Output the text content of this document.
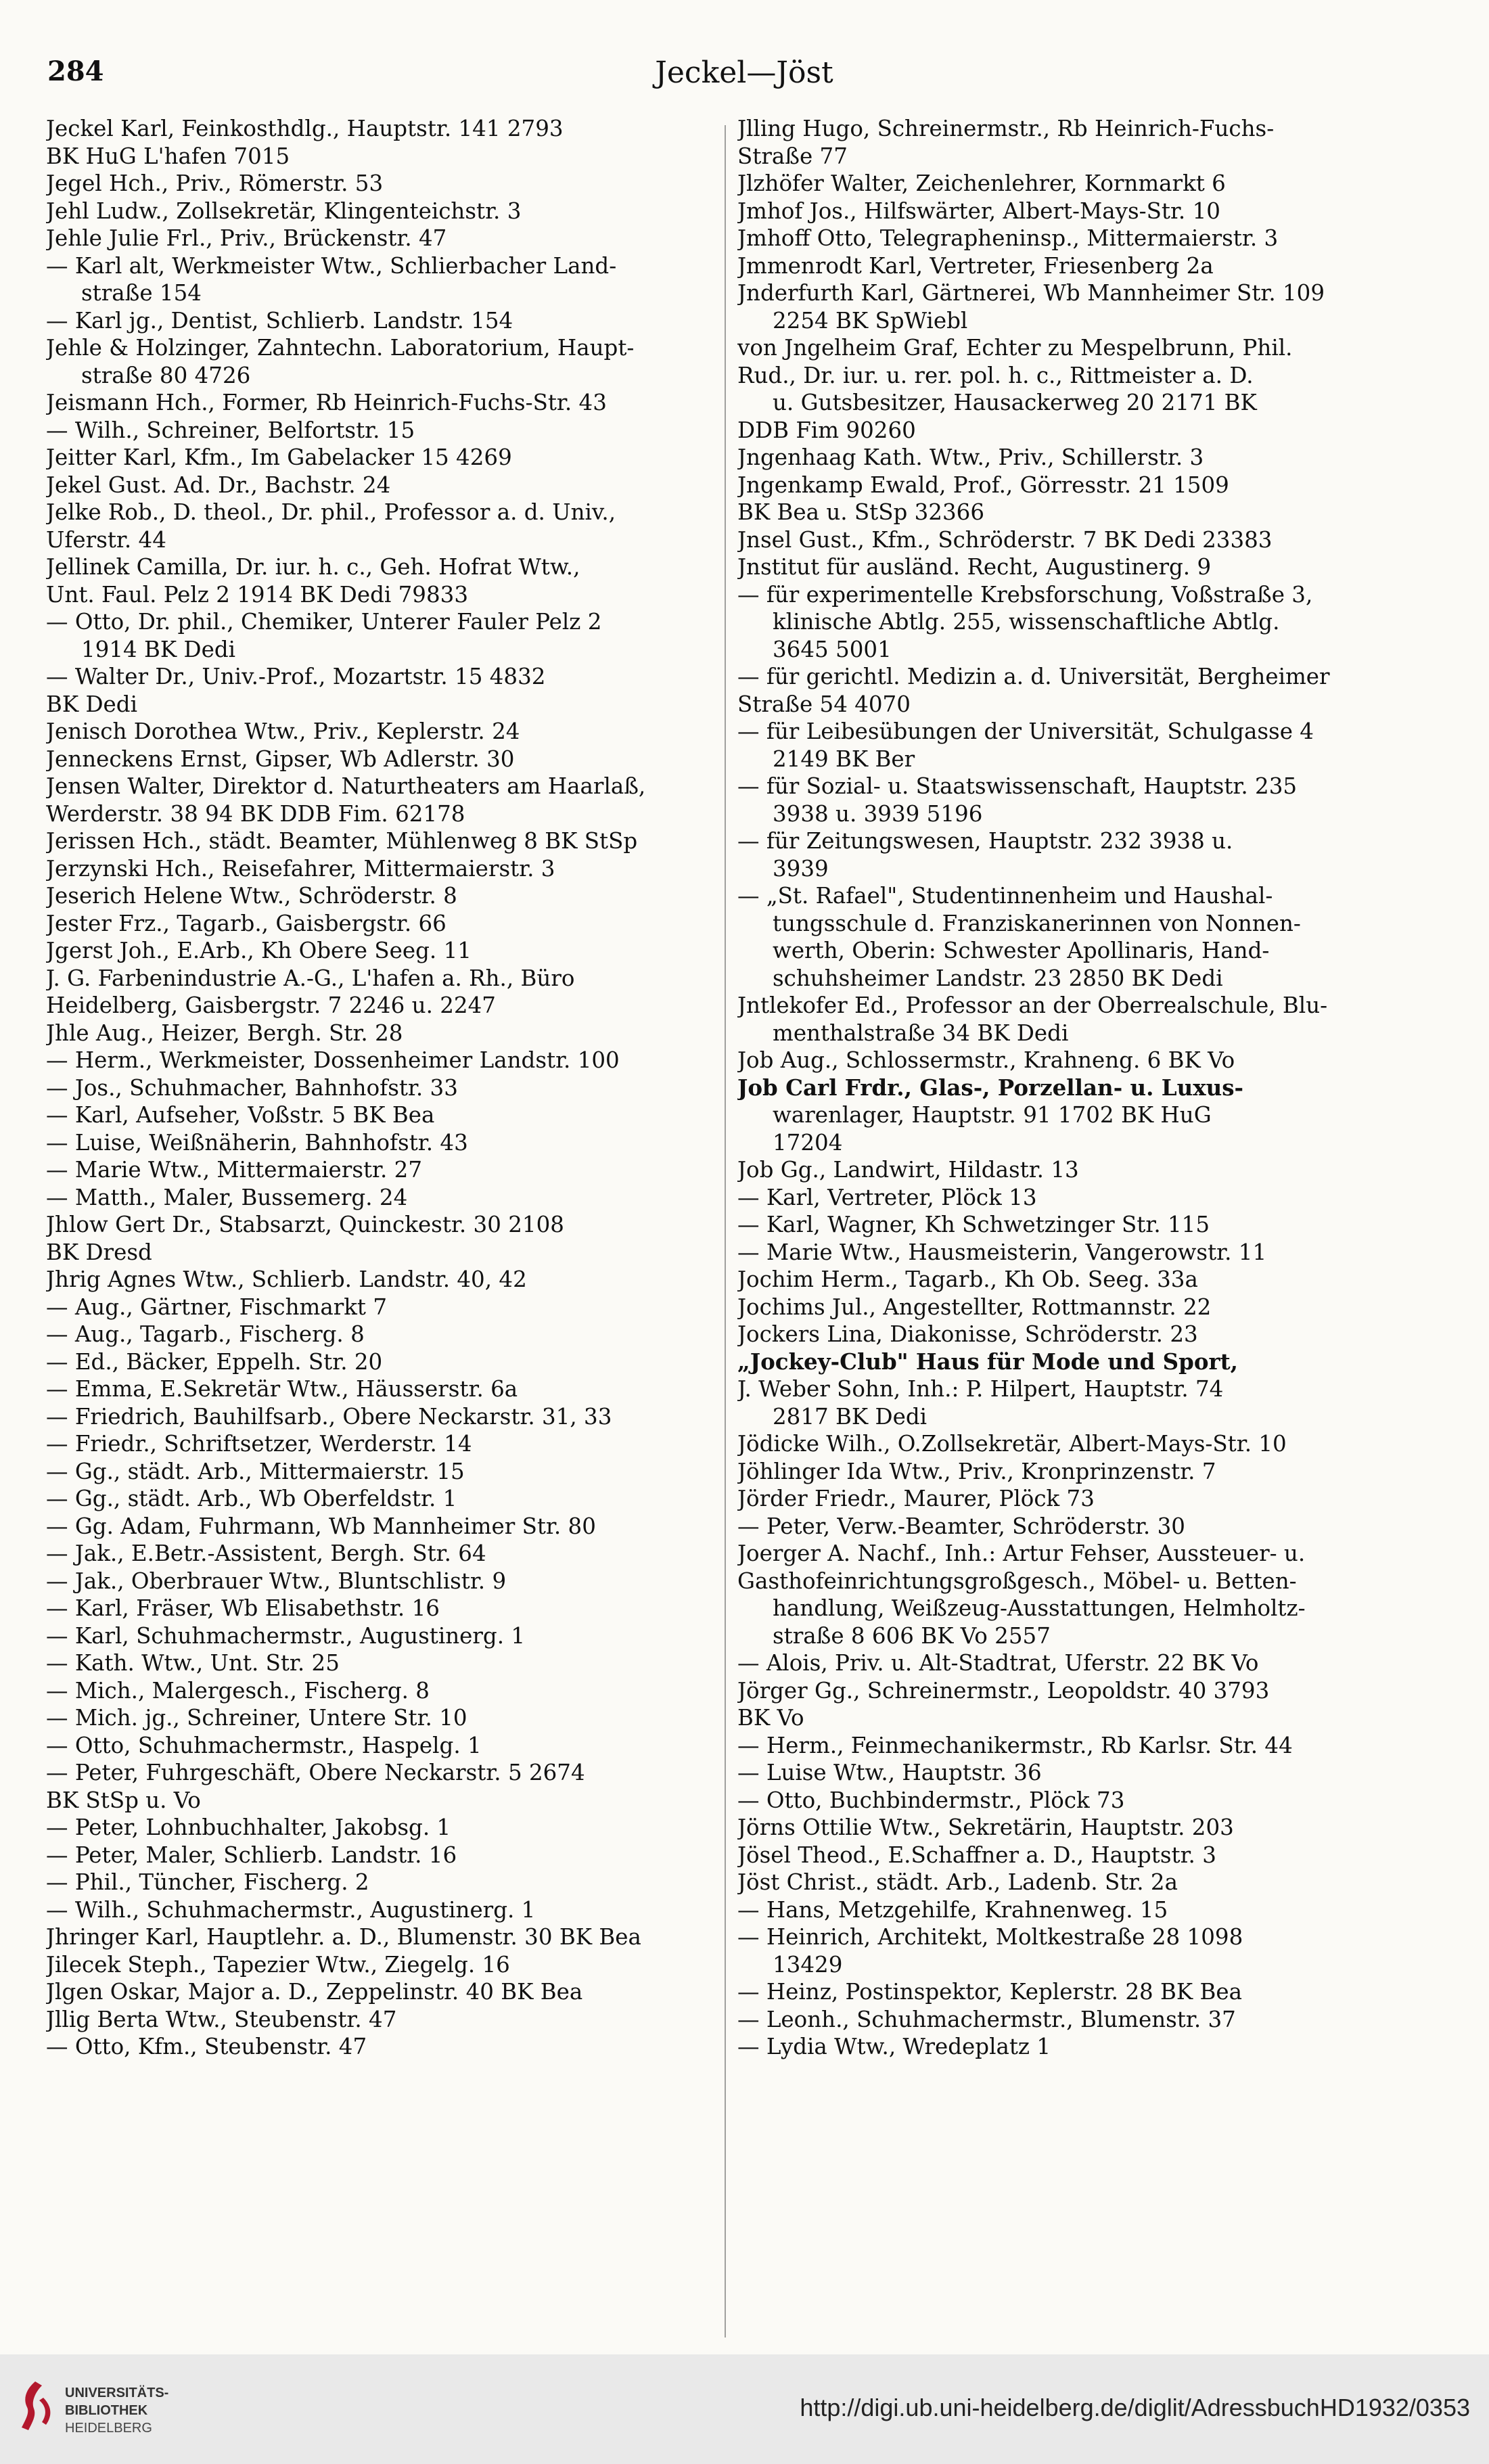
Jeckel—Jöst
284
Jeckel Karl, Feinkosthdlg., Hauptstr. 141 2793
BK HuG L'hafen 7015
Jegel Hch., Priv., Römerstr. 53
Jehl Ludw., Zollsekretär, Klingenteichstr. 3
Jehle Julie Frl., Priv., Brückenstr. 47
— Karl alt, Werkmeister Wtw., Schlierbacher Land-
straße 154
— Karl jg., Dentist, Schlierb. Landstr. 154
Jehle & Holzinger, Zahntechn. Laboratorium, Haupt-
straße 80 4726
Jeismann Hch., Former, Rb Heinrich-Fuchs-Str. 43
— Wilh., Schreiner, Belfortstr. 15
Jeitter Karl, Kfm., Im Gabelacker 15 4269
Jekel Gust. Ad. Dr., Bachstr. 24
Jelke Rob., D. theol., Dr. phil., Professor a. d. Univ.,
Uferstr. 44
Jellinek Camilla, Dr. iur. h. c., Geh. Hofrat Wtw.,
Unt. Faul. Pelz 2 1914 BK Dedi 79833
— Otto, Dr. phil., Chemiker, Unterer Fauler Pelz 2
1914 BK Dedi
— Walter Dr., Univ.-Prof., Mozartstr. 15 4832
BK Dedi
Jenisch Dorothea Wtw., Priv., Keplerstr. 24
Jenneckens Ernst, Gipser, Wb Adlerstr. 30
Jensen Walter, Direktor d. Naturtheaters am Haarlaß,
Werderstr. 38 94 BK DDB Fim. 62178
Jerissen Hch., städt. Beamter, Mühlenweg 8 BK StSp
Jerzynski Hch., Reisefahrer, Mittermaierstr. 3
Jeserich Helene Wtw., Schröderstr. 8
Jester Frz., Tagarb., Gaisbergstr. 66
Jgerst Joh., E.Arb., Kh Obere Seeg. 11
J. G. Farbenindustrie A.-G., L'hafen a. Rh., Büro
Heidelberg, Gaisbergstr. 7 2246 u. 2247
Jhle Aug., Heizer, Bergh. Str. 28
— Herm., Werkmeister, Dossenheimer Landstr. 100
— Jos., Schuhmacher, Bahnhofstr. 33
— Karl, Aufseher, Voßstr. 5 BK Bea
— Luise, Weißnäherin, Bahnhofstr. 43
— Marie Wtw., Mittermaierstr. 27
— Matth., Maler, Bussemerg. 24
Jhlow Gert Dr., Stabsarzt, Quinckestr. 30 2108
BK Dresd
Jhrig Agnes Wtw., Schlierb. Landstr. 40, 42
— Aug., Gärtner, Fischmarkt 7
— Aug., Tagarb., Fischerg. 8
— Ed., Bäcker, Eppelh. Str. 20
— Emma, E.Sekretär Wtw., Häusserstr. 6a
— Friedrich, Bauhilfsarb., Obere Neckarstr. 31, 33
— Friedr., Schriftsetzer, Werderstr. 14
— Gg., städt. Arb., Mittermaierstr. 15
— Gg., städt. Arb., Wb Oberfeldstr. 1
— Gg. Adam, Fuhrmann, Wb Mannheimer Str. 80
— Jak., E.Betr.-Assistent, Bergh. Str. 64
— Jak., Oberbrauer Wtw., Bluntschlistr. 9
— Karl, Fräser, Wb Elisabethstr. 16
— Karl, Schuhmachermstr., Augustinerg. 1
— Kath. Wtw., Unt. Str. 25
— Mich., Malergesch., Fischerg. 8
— Mich. jg., Schreiner, Untere Str. 10
— Otto, Schuhmachermstr., Haspelg. 1
— Peter, Fuhrgeschäft, Obere Neckarstr. 5 2674
BK StSp u. Vo
— Peter, Lohnbuchhalter, Jakobsg. 1
— Peter, Maler, Schlierb. Landstr. 16
— Phil., Tüncher, Fischerg. 2
— Wilh., Schuhmachermstr., Augustinerg. 1
Jhringer Karl, Hauptlehr. a. D., Blumenstr. 30 BK Bea
Jilecek Steph., Tapezier Wtw., Ziegelg. 16
Jlgen Oskar, Major a. D., Zeppelinstr. 40 BK Bea
Jllig Berta Wtw., Steubenstr. 47
— Otto, Kfm., Steubenstr. 47
Jlling Hugo, Schreinermstr., Rb Heinrich-Fuchs-
Straße 77
Jlzhöfer Walter, Zeichenlehrer, Kornmarkt 6
Jmhof Jos., Hilfswärter, Albert-Mays-Str. 10
Jmhoff Otto, Telegrapheninsp., Mittermaierstr. 3
Jmmenrodt Karl, Vertreter, Friesenberg 2a
Jnderfurth Karl, Gärtnerei, Wb Mannheimer Str. 109
2254 BK SpWiebl
von Jngelheim Graf, Echter zu Mespelbrunn, Phil.
Rud., Dr. iur. u. rer. pol. h. c., Rittmeister a. D.
u. Gutsbesitzer, Hausackerweg 20 2171 BK
DDB Fim 90260
Jngenhaag Kath. Wtw., Priv., Schillerstr. 3
Jngenkamp Ewald, Prof., Görresstr. 21 1509
BK Bea u. StSp 32366
Jnsel Gust., Kfm., Schröderstr. 7 BK Dedi 23383
Jnstitut für ausländ. Recht, Augustinerg. 9
— für experimentelle Krebsforschung, Voßstraße 3,
klinische Abtlg. 255, wissenschaftliche Abtlg.
3645 5001
— für gerichtl. Medizin a. d. Universität, Bergheimer
Straße 54 4070
— für Leibesübungen der Universität, Schulgasse 4
2149 BK Ber
— für Sozial- u. Staatswissenschaft, Hauptstr. 235
3938 u. 3939 5196
— für Zeitungswesen, Hauptstr. 232 3938 u.
3939
— „St. Rafael", Studentinnenheim und Haushal-
tungsschule d. Franziskanerinnen von Nonnen-
werth, Oberin: Schwester Apollinaris, Hand-
schuhsheimer Landstr. 23 2850 BK Dedi
Jntlekofer Ed., Professor an der Oberrealschule, Blu-
menthalstraße 34 BK Dedi
Job Aug., Schlossermstr., Krahneng. 6 BK Vo
Job Carl Frdr., Glas-, Porzellan- u. Luxus-
warenlager, Hauptstr. 91 1702 BK HuG
17204
Job Gg., Landwirt, Hildastr. 13
— Karl, Vertreter, Plöck 13
— Karl, Wagner, Kh Schwetzinger Str. 115
— Marie Wtw., Hausmeisterin, Vangerowstr. 11
Jochim Herm., Tagarb., Kh Ob. Seeg. 33a
Jochims Jul., Angestellter, Rottmannstr. 22
Jockers Lina, Diakonisse, Schröderstr. 23
„Jockey-Club" Haus für Mode und Sport,
J. Weber Sohn, Inh.: P. Hilpert, Hauptstr. 74
2817 BK Dedi
Jödicke Wilh., O.Zollsekretär, Albert-Mays-Str. 10
Jöhlinger Ida Wtw., Priv., Kronprinzenstr. 7
Jörder Friedr., Maurer, Plöck 73
— Peter, Verw.-Beamter, Schröderstr. 30
Joerger A. Nachf., Inh.: Artur Fehser, Aussteuer- u.
Gasthofeinrichtungsgroßgesch., Möbel- u. Betten-
handlung, Weißzeug-Ausstattungen, Helmholtz-
straße 8 606 BK Vo 2557
— Alois, Priv. u. Alt-Stadtrat, Uferstr. 22 BK Vo
Jörger Gg., Schreinermstr., Leopoldstr. 40 3793
BK Vo
— Herm., Feinmechanikermstr., Rb Karlsr. Str. 44
— Luise Wtw., Hauptstr. 36
— Otto, Buchbindermstr., Plöck 73
Jörns Ottilie Wtw., Sekretärin, Hauptstr. 203
Jösel Theod., E.Schaffner a. D., Hauptstr. 3
Jöst Christ., städt. Arb., Ladenb. Str. 2a
— Hans, Metzgehilfe, Krahnenweg. 15
— Heinrich, Architekt, Moltkestraße 28 1098
13429
— Heinz, Postinspektor, Keplerstr. 28 BK Bea
— Leonh., Schuhmachermstr., Blumenstr. 37
— Lydia Wtw., Wredeplatz 1
UNIVERSITÄTS-
BIBLIOTHEK
HEIDELBERG
http://digi.ub.uni-heidelberg.de/diglit/AdressbuchHD1932/0353
